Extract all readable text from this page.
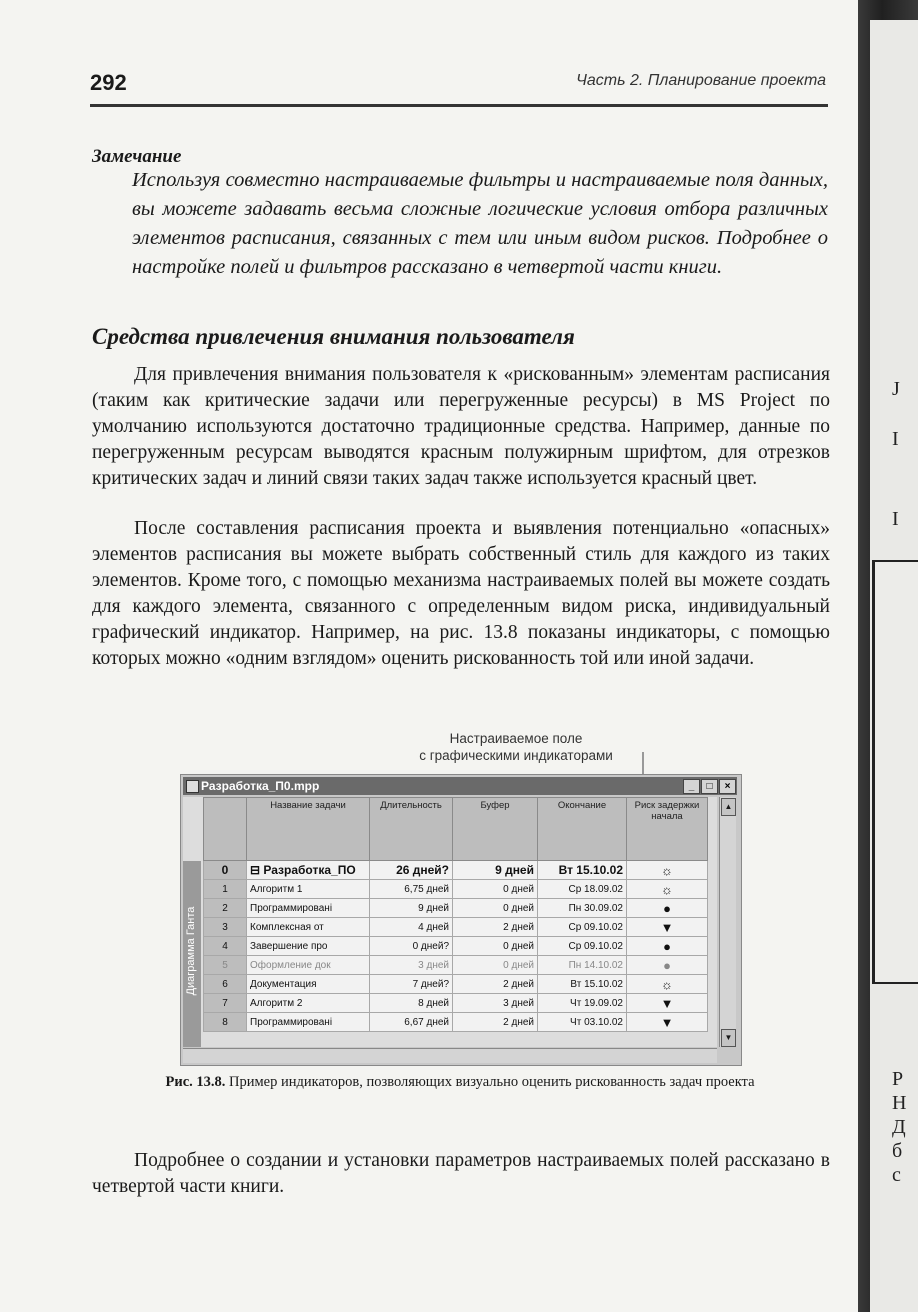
J
I
I
P
H
Д
б
с
292	Часть 2. Планирование проекта
Замечание
Используя совместно настраиваемые фильтры и настраиваемые поля данных, вы можете задавать весьма сложные логические условия отбора различных элементов расписания, связанных с тем или иным видом рисков. Подробнее о настройке полей и фильтров рассказано в четвертой части книги.
Средства привлечения внимания пользователя

Для привлечения внимания пользователя к «рискованным» элементам расписания (таким как критические задачи или перегруженные ресурсы) в MS Project по умолчанию используются достаточно традиционные средства. Например, данные по перегруженным ресурсам выводятся красным полужирным шрифтом, для отрезков критических задач и линий связи таких задач также используется красный цвет.

После составления расписания проекта и выявления потенциально «опасных» элементов расписания вы можете выбрать собственный стиль для каждого из таких элементов. Кроме того, с помощью механизма настраиваемых полей вы можете создать для каждого элемента, связанного с определенным видом риска, индивидуальный графический индикатор. Например, на рис. 13.8 показаны индикаторы, с помощью которых можно «одним взглядом» оценить рискованность той или иной задачи.

Настраиваемое поле
с графическими индикаторами
Разработка_П0.mpp	_	□	×
Диаграмма Ганта
	Название задачи	Длительность	Буфер	Окончание	Риск задержки начала
0	⊟ Разработка_ПО	26 дней?	9 дней	Вт 15.10.02	☼
1	Алгоритм 1	6,75 дней	0 дней	Ср 18.09.02	☼
2	Программировані	9 дней	0 дней	Пн 30.09.02	●
3	Комплексная от	4 дней	2 дней	Ср 09.10.02	▼
4	Завершение про	0 дней?	0 дней	Ср 09.10.02	●
5	Оформление док	3 дней	0 дней	Пн 14.10.02	●
6	Документация	7 дней?	2 дней	Вт 15.10.02	☼
7	Алгоритм 2	8 дней	3 дней	Чт 19.09.02	▼
8	Программировані	6,67 дней	2 дней	Чт 03.10.02	▼
▲
▼
Рис. 13.8. Пример индикаторов, позволяющих визуально оценить рискованность задач проекта

Подробнее о создании и установки параметров настраиваемых полей рассказано в четвертой части книги.
